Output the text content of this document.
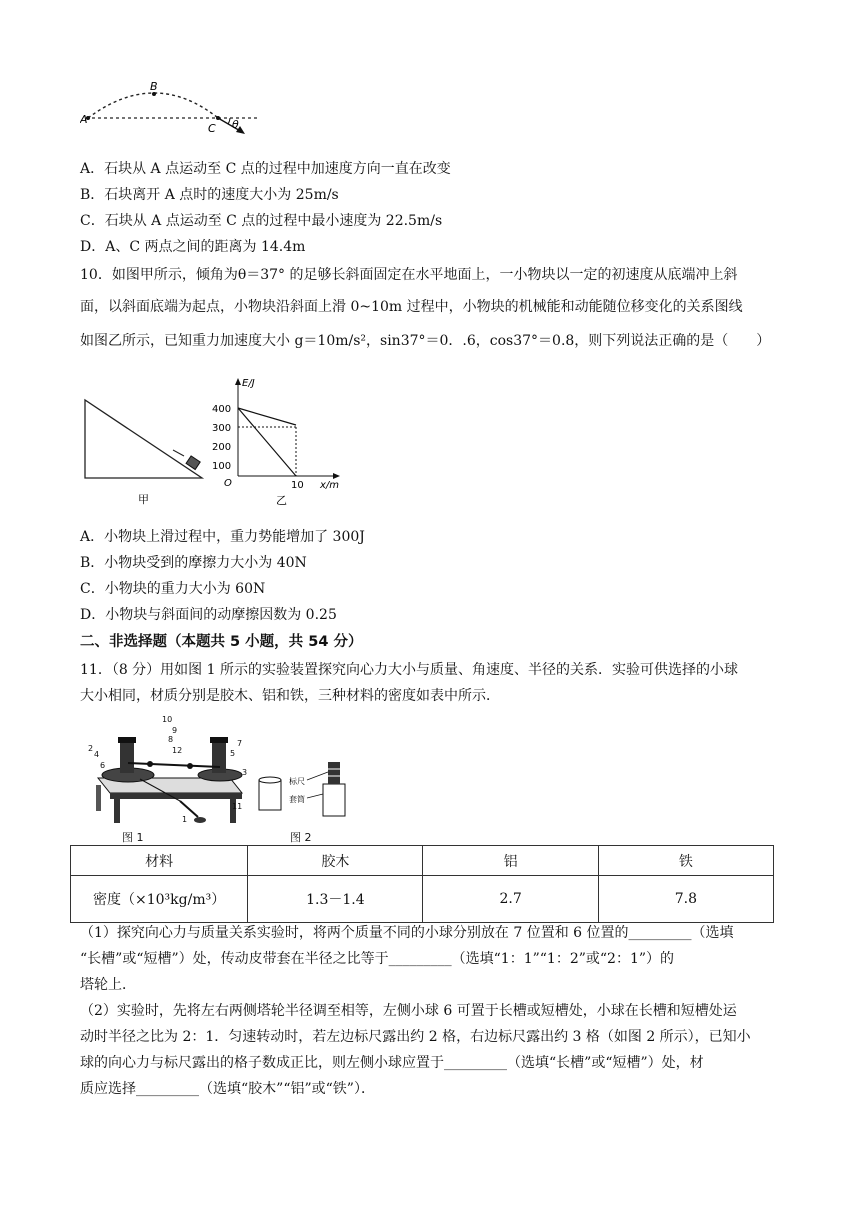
A
B
C θ
A．石块从 A 点运动至 C 点的过程中加速度方向一直在改变
B．石块离开 A 点时的速度大小为 25m/s
C．石块从 A 点运动至 C 点的过程中最小速度为 22.5m/s
D．A、C 两点之间的距离为 14.4m
10．如图甲所示，倾角为θ＝37° 的足够长斜面固定在水平地面上，一小物块以一定的初速度从底端冲上斜
面，以斜面底端为起点，小物块沿斜面上滑 0~10m 过程中，小物块的机械能和动能随位移变化的关系图线
如图乙所示，已知重力加速度大小 g＝10m/s²，sin37°＝0．.6，cos37°＝0.8，则下列说法正确的是（　　）
甲
E/J
x/m
O
400
300
200
100
10
乙
A．小物块上滑过程中，重力势能增加了 300J
B．小物块受到的摩擦力大小为 40N
C．小物块的重力大小为 60N
D．小物块与斜面间的动摩擦因数为 0.25
二、非选择题（本题共 5 小题，共 54 分）
11．（8 分）用如图 1 所示的实验装置探究向心力大小与质量、角速度、半径的关系．实验可供选择的小球
大小相同，材质分别是胶木、铝和铁，三种材料的密度如表中所示．
10
9
8
12
7
2
4	5
6
3
11
1
图 1
标尺
套筒
图 2
材料	胶木	铝	铁
密度（×10³kg/m³）	1.3－1.4	2.7	7.8
（1）探究向心力与质量关系实验时，将两个质量不同的小球分别放在 7 位置和 6 位置的_________（选填
“长槽”或“短槽”）处，传动皮带套在半径之比等于_________（选填“1：1”“1：2”或“2：1”）的
塔轮上．
（2）实验时，先将左右两侧塔轮半径调至相等，左侧小球 6 可置于长槽或短槽处，小球在长槽和短槽处运
动时半径之比为 2：1．匀速转动时，若左边标尺露出约 2 格，右边标尺露出约 3 格（如图 2 所示），已知小
球的向心力与标尺露出的格子数成正比，则左侧小球应置于_________（选填“长槽”或“短槽”）处，材
质应选择_________（选填“胶木”“铝”或“铁”）．
